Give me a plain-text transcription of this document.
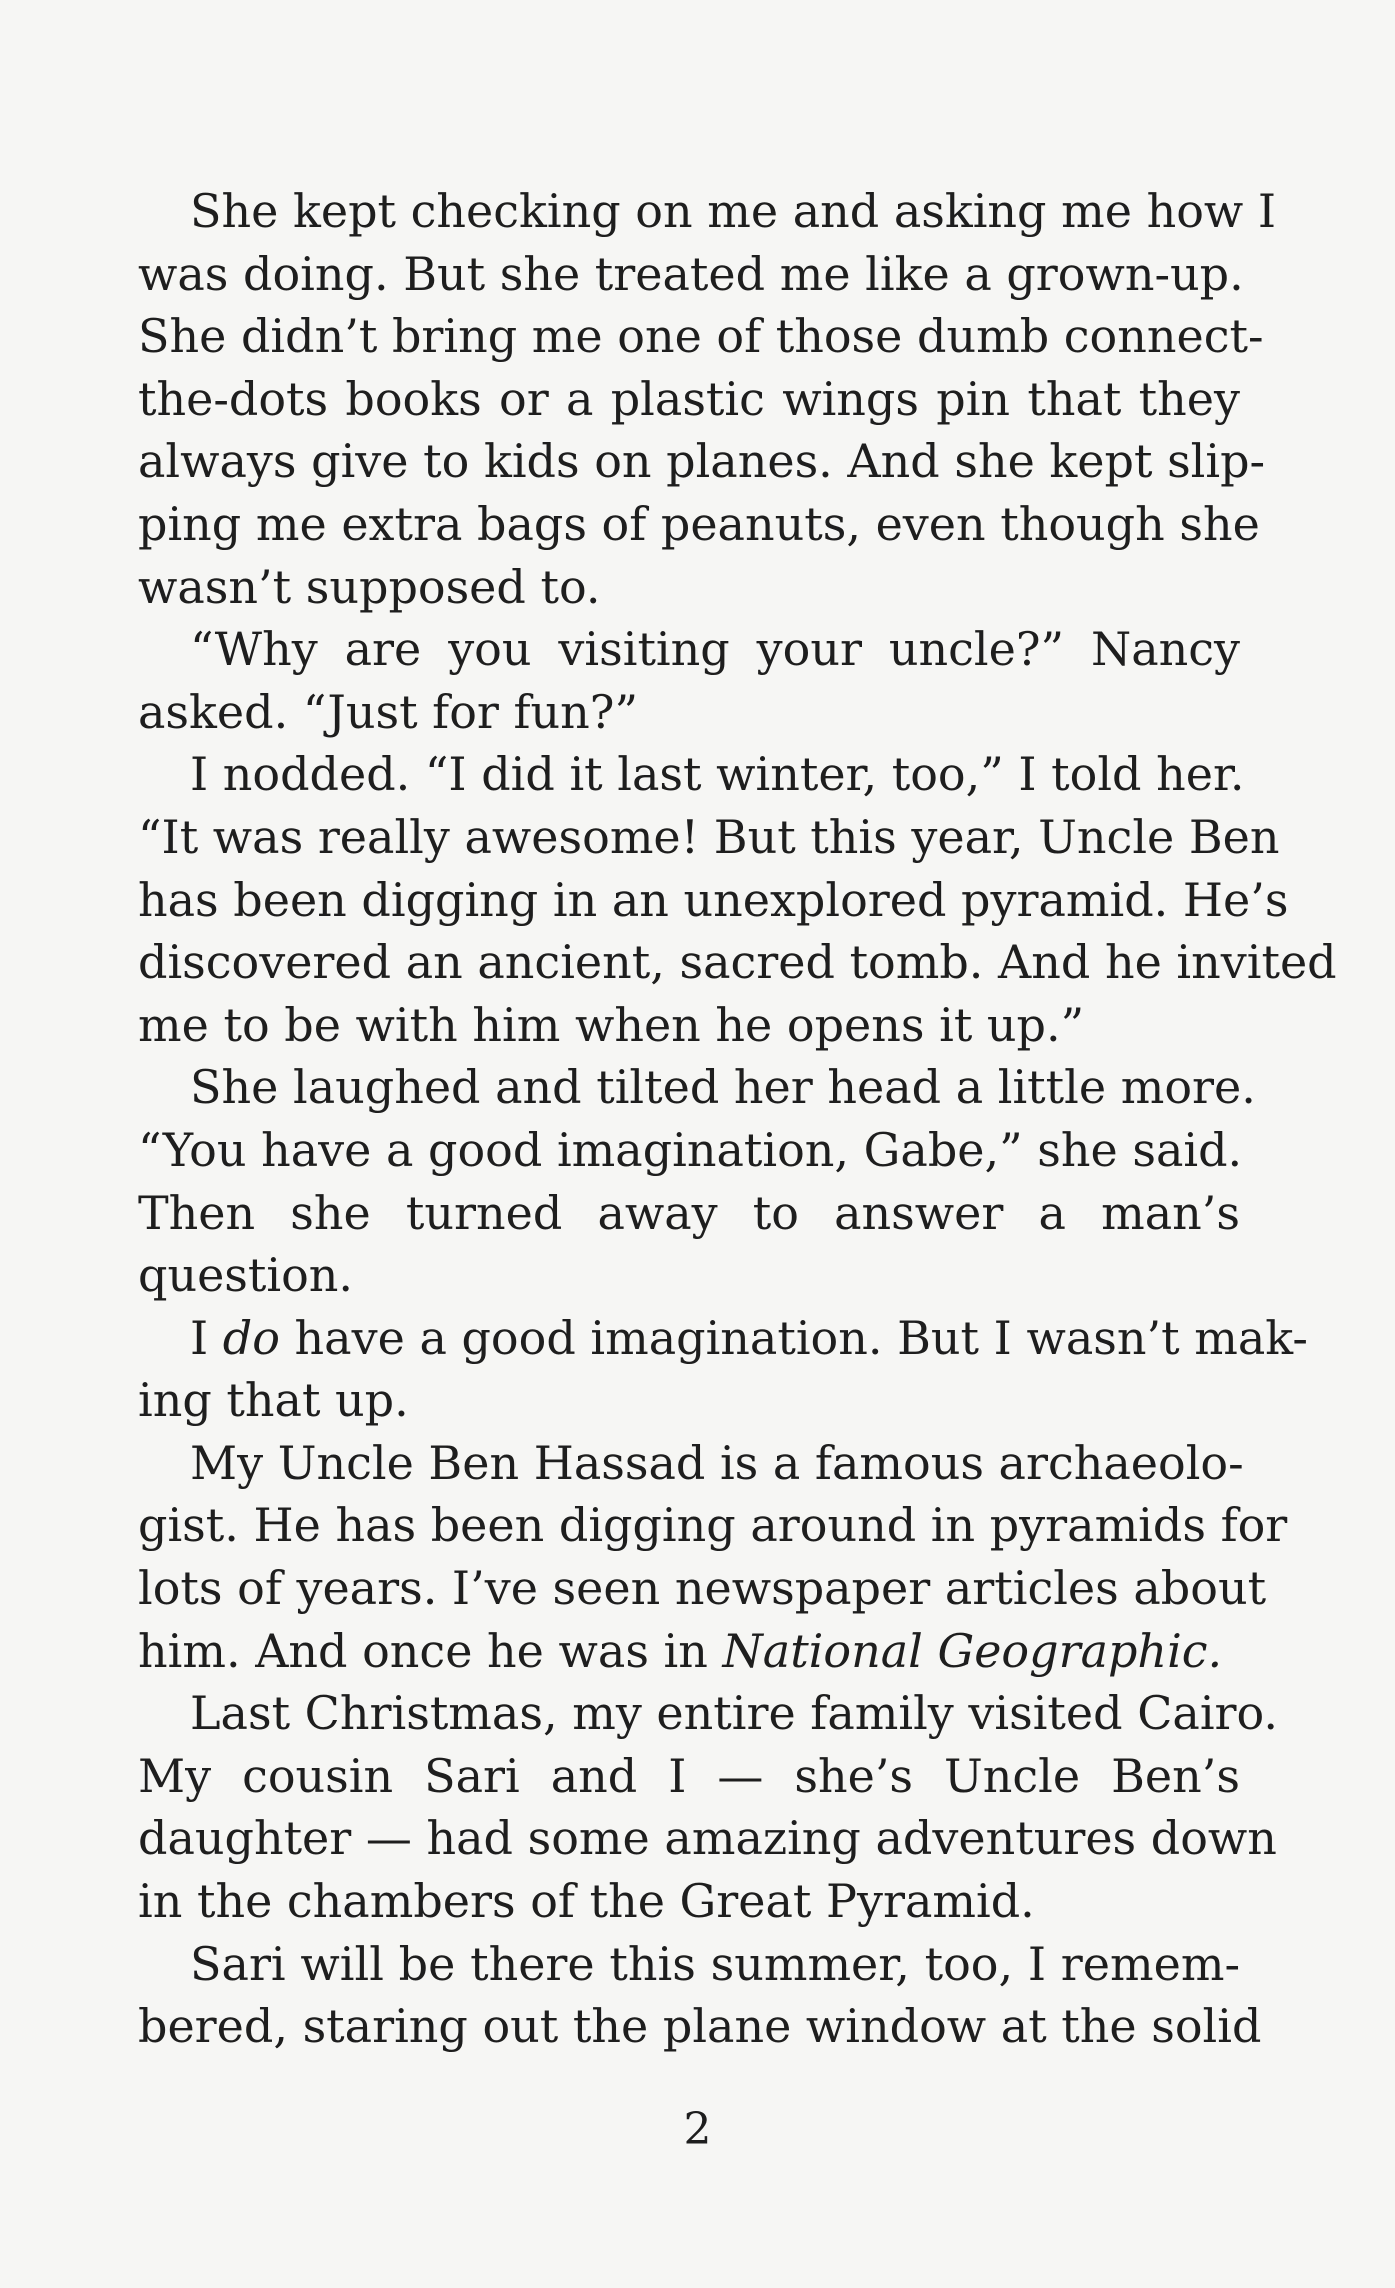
She kept checking on me and asking me how I
was doing. But she treated me like a grown-up.
She didn’t bring me one of those dumb connect-
the-dots books or a plastic wings pin that they
always give to kids on planes. And she kept slip-
ping me extra bags of peanuts, even though she
wasn’t supposed to.
“Why are you visiting your uncle?” Nancy
asked. “Just for fun?”
I nodded. “I did it last winter, too,” I told her.
“It was really awesome! But this year, Uncle Ben
has been digging in an unexplored pyramid. He’s
discovered an ancient, sacred tomb. And he invited
me to be with him when he opens it up.”
She laughed and tilted her head a little more.
“You have a good imagination, Gabe,” she said.
Then she turned away to answer a man’s
question.
I do have a good imagination. But I wasn’t mak-
ing that up.
My Uncle Ben Hassad is a famous archaeolo-
gist. He has been digging around in pyramids for
lots of years. I’ve seen newspaper articles about
him. And once he was in National Geographic.
Last Christmas, my entire family visited Cairo.
My cousin Sari and I — she’s Uncle Ben’s
daughter — had some amazing adventures down
in the chambers of the Great Pyramid.
Sari will be there this summer, too, I remem-
bered, staring out the plane window at the solid
2
